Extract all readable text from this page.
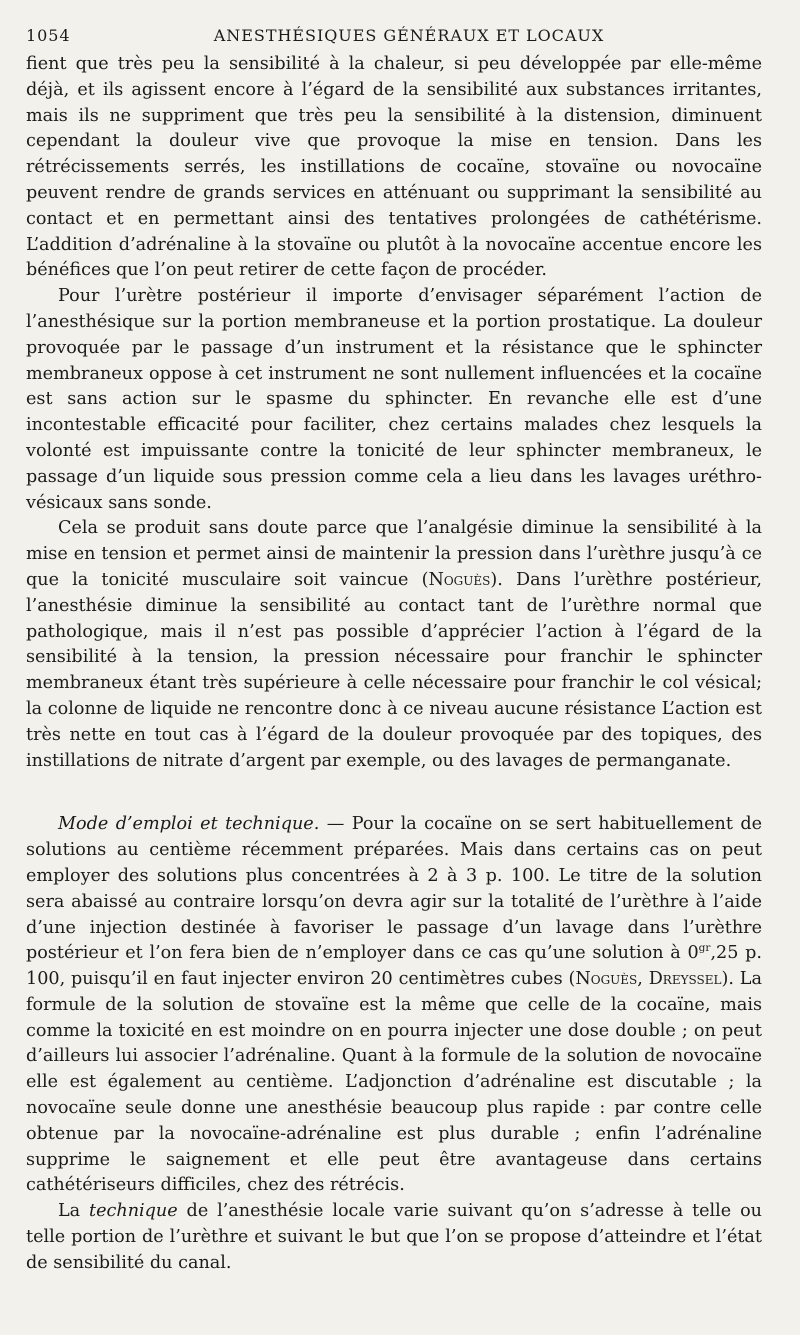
1054	ANESTHÉSIQUES GÉNÉRAUX ET LOCAUX

fient que très peu la sensibilité à la chaleur, si peu développée par elle-même déjà, et ils agissent encore à l’égard de la sensibilité aux substances irritantes, mais ils ne suppriment que très peu la sensibilité à la distension, diminuent cependant la douleur vive que provoque la mise en tension. Dans les rétrécissements serrés, les instillations de cocaïne, stovaïne ou novocaïne peuvent rendre de grands services en atténuant ou supprimant la sensibilité au contact et en permettant ainsi des tentatives prolongées de cathétérisme. L’addition d’adrénaline à la stovaïne ou plutôt à la novocaïne accentue encore les bénéfices que l’on peut retirer de cette façon de procéder.

Pour l’urètre postérieur il importe d’envisager séparément l’action de l’anesthésique sur la portion membraneuse et la portion prostatique. La douleur provoquée par le passage d’un instrument et la résistance que le sphincter membraneux oppose à cet instrument ne sont nullement influencées et la cocaïne est sans action sur le spasme du sphincter. En revanche elle est d’une incontestable efficacité pour faciliter, chez certains malades chez lesquels la volonté est impuissante contre la tonicité de leur sphincter membraneux, le passage d’un liquide sous pression comme cela a lieu dans les lavages uréthro-vésicaux sans sonde.

Cela se produit sans doute parce que l’analgésie diminue la sensibilité à la mise en tension et permet ainsi de maintenir la pression dans l’urèthre jusqu’à ce que la tonicité musculaire soit vaincue (Noguès). Dans l’urèthre postérieur, l’anesthésie diminue la sensibilité au contact tant de l’urèthre normal que pathologique, mais il n’est pas possible d’apprécier l’action à l’égard de la sensibilité à la tension, la pression nécessaire pour franchir le sphincter membraneux étant très supérieure à celle nécessaire pour franchir le col vésical; la colonne de liquide ne rencontre donc à ce niveau aucune résistance L’action est très nette en tout cas à l’égard de la douleur provoquée par des topiques, des instillations de nitrate d’argent par exemple, ou des lavages de permanganate.

Mode d’emploi et technique. — Pour la cocaïne on se sert habituellement de solutions au centième récemment préparées. Mais dans certains cas on peut employer des solutions plus concentrées à 2 à 3 p. 100. Le titre de la solution sera abaissé au contraire lorsqu’on devra agir sur la totalité de l’urèthre à l’aide d’une injection destinée à favoriser le passage d’un lavage dans l’urèthre postérieur et l’on fera bien de n’employer dans ce cas qu’une solution à $0^{gr},25$ p. 100, puisqu’il en faut injecter environ 20 centimètres cubes (Noguès, Dreyssel). La formule de la solution de stovaïne est la même que celle de la cocaïne, mais comme la toxicité en est moindre on en pourra injecter une dose double ; on peut d’ailleurs lui associer l’adrénaline. Quant à la formule de la solution de novocaïne elle est également au centième. L’adjonction d’adrénaline est discutable ; la novocaïne seule donne une anesthésie beaucoup plus rapide : par contre celle obtenue par la novocaïne-adrénaline est plus durable ; enfin l’adrénaline supprime le saignement et elle peut être avantageuse dans certains cathétériseurs difficiles, chez des rétrécis.

La technique de l’anesthésie locale varie suivant qu’on s’adresse à telle ou telle portion de l’urèthre et suivant le but que l’on se propose d’atteindre et l’état de sensibilité du canal.
